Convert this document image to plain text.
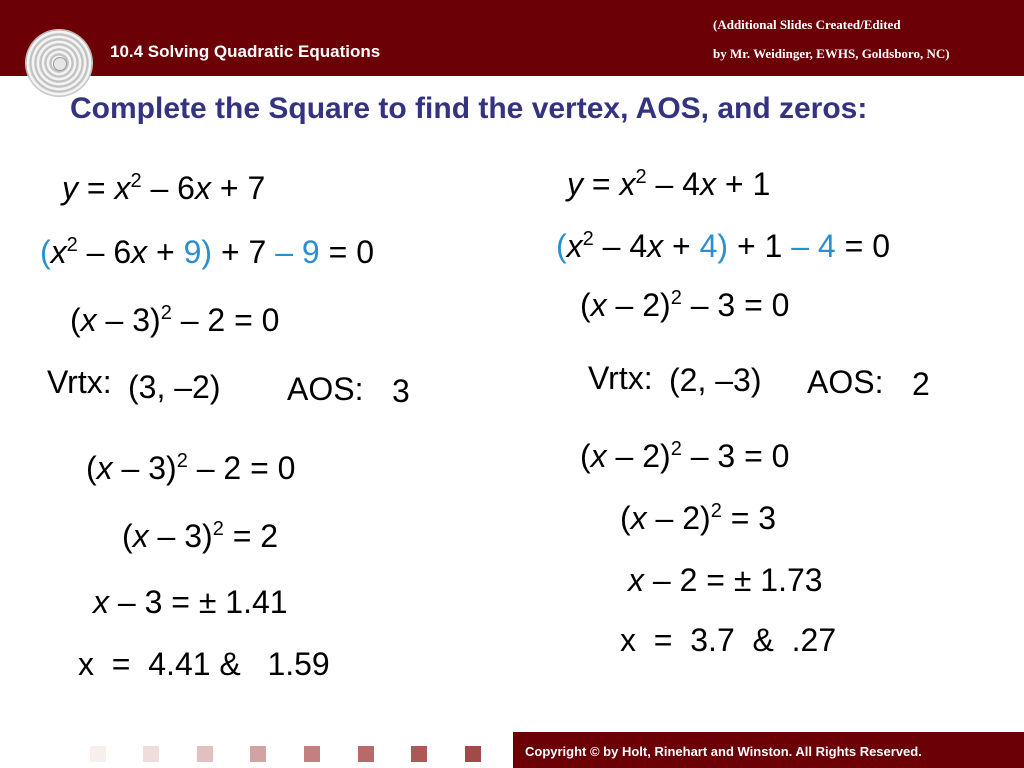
10.4 Solving Quadratic Equations
(Additional Slides Created/Edited
by Mr. Weidinger, EWHS, Goldsboro, NC)
Complete the Square to find the vertex, AOS, and zeros:
$y = x^2 - 6x + 7$
$(x^2 - 6x + 9) + 7 - 9 = 0$
(x – 3)$^2$ – 2 = 0
Vrtx: (3, –2) AOS: 3
(x – 3)$^2$ – 2 = 0
(x – 3)$^2$ = 2
x – 3 = ± 1.41
x  =  4.41 &   1.59
$y = x^2 - 4x + 1$
$(x^2 - 4x + 4) + 1 - 4 = 0$
(x – 2)$^2$ – 3 = 0
Vrtx: (2, –3) AOS: 2
(x – 2)$^2$ – 3 = 0
(x – 2)$^2$ = 3
x – 2 = ± 1.73
x  =  3.7  &  .27
Copyright © by Holt, Rinehart and Winston. All Rights Reserved.
